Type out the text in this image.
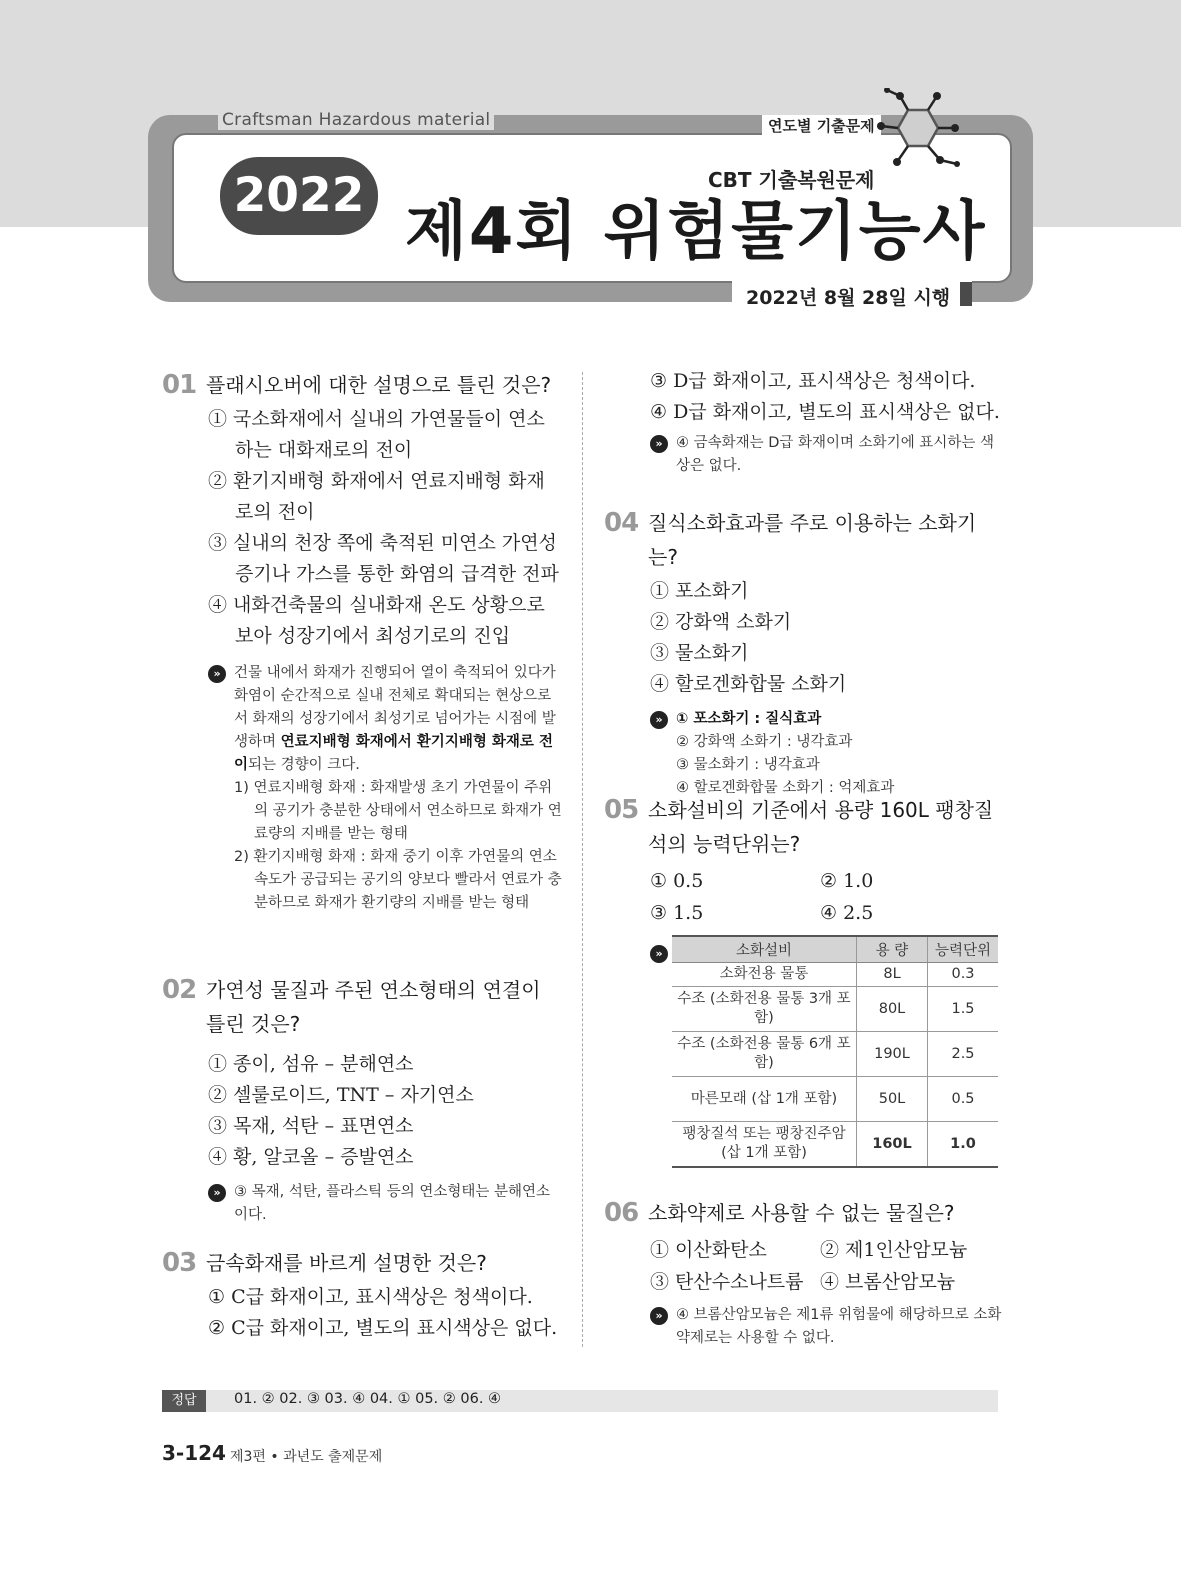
Craftsman Hazardous material	연도별 기출문제
2022	CBT 기출복원문제
제4회 위험물기능사
2022년 8월 28일 시행
01 플래시오버에 대한 설명으로 틀린 것은?
① 국소화재에서 실내의 가연물들이 연소
하는 대화재로의 전이
② 환기지배형 화재에서 연료지배형 화재
로의 전이
③ 실내의 천장 쪽에 축적된 미연소 가연성
증기나 가스를 통한 화염의 급격한 전파
④ 내화건축물의 실내화재 온도 상황으로
보아 성장기에서 최성기로의 진입
» 건물 내에서 화재가 진행되어 열이 축적되어 있다가 화염이 순간적으로 실내 전체로 확대되는 현상으로서 화재의 성장기에서 최성기로 넘어가는 시점에 발생하며 연료지배형 화재에서 환기지배형 화재로 전이되는 경향이 크다.
1) 연료지배형 화재 : 화재발생 초기 가연물이 주위의 공기가 충분한 상태에서 연소하므로 화재가 연료량의 지배를 받는 형태
2) 환기지배형 화재 : 화재 중기 이후 가연물의 연소속도가 공급되는 공기의 양보다 빨라서 연료가 충분하므로 화재가 환기량의 지배를 받는 형태
02 가연성 물질과 주된 연소형태의 연결이 틀린 것은?
① 종이, 섬유 – 분해연소
② 셀룰로이드, TNT – 자기연소
③ 목재, 석탄 – 표면연소
④ 황, 알코올 – 증발연소
» ③ 목재, 석탄, 플라스틱 등의 연소형태는 분해연소이다.
03 금속화재를 바르게 설명한 것은?
① C급 화재이고, 표시색상은 청색이다.
② C급 화재이고, 별도의 표시색상은 없다.
③ D급 화재이고, 표시색상은 청색이다.
④ D급 화재이고, 별도의 표시색상은 없다.
» ④ 금속화재는 D급 화재이며 소화기에 표시하는 색상은 없다.
04 질식소화효과를 주로 이용하는 소화기는?
① 포소화기
② 강화액 소화기
③ 물소화기
④ 할로겐화합물 소화기
» ① 포소화기 : 질식효과
② 강화액 소화기 : 냉각효과
③ 물소화기 : 냉각효과
④ 할로겐화합물 소화기 : 억제효과
05 소화설비의 기준에서 용량 160L 팽창질석의 능력단위는?
① 0.5	② 1.0
③ 1.5	④ 2.5
»	소화설비	용 량	능력단위
소화전용 물통	8L	0.3
수조 (소화전용 물통 3개 포함)	80L	1.5
수조 (소화전용 물통 6개 포함)	190L	2.5
마른모래 (삽 1개 포함)	50L	0.5
팽창질석 또는 팽창진주암 (삽 1개 포함)	160L	1.0
06 소화약제로 사용할 수 없는 물질은?
① 이산화탄소	② 제1인산암모늄
③ 탄산수소나트륨 ④ 브롬산암모늄
» ④ 브롬산암모늄은 제1류 위험물에 해당하므로 소화약제로는 사용할 수 없다.
정답	01. ② 02. ③ 03. ④ 04. ① 05. ② 06. ④
3-124 제3편 • 과년도 출제문제
